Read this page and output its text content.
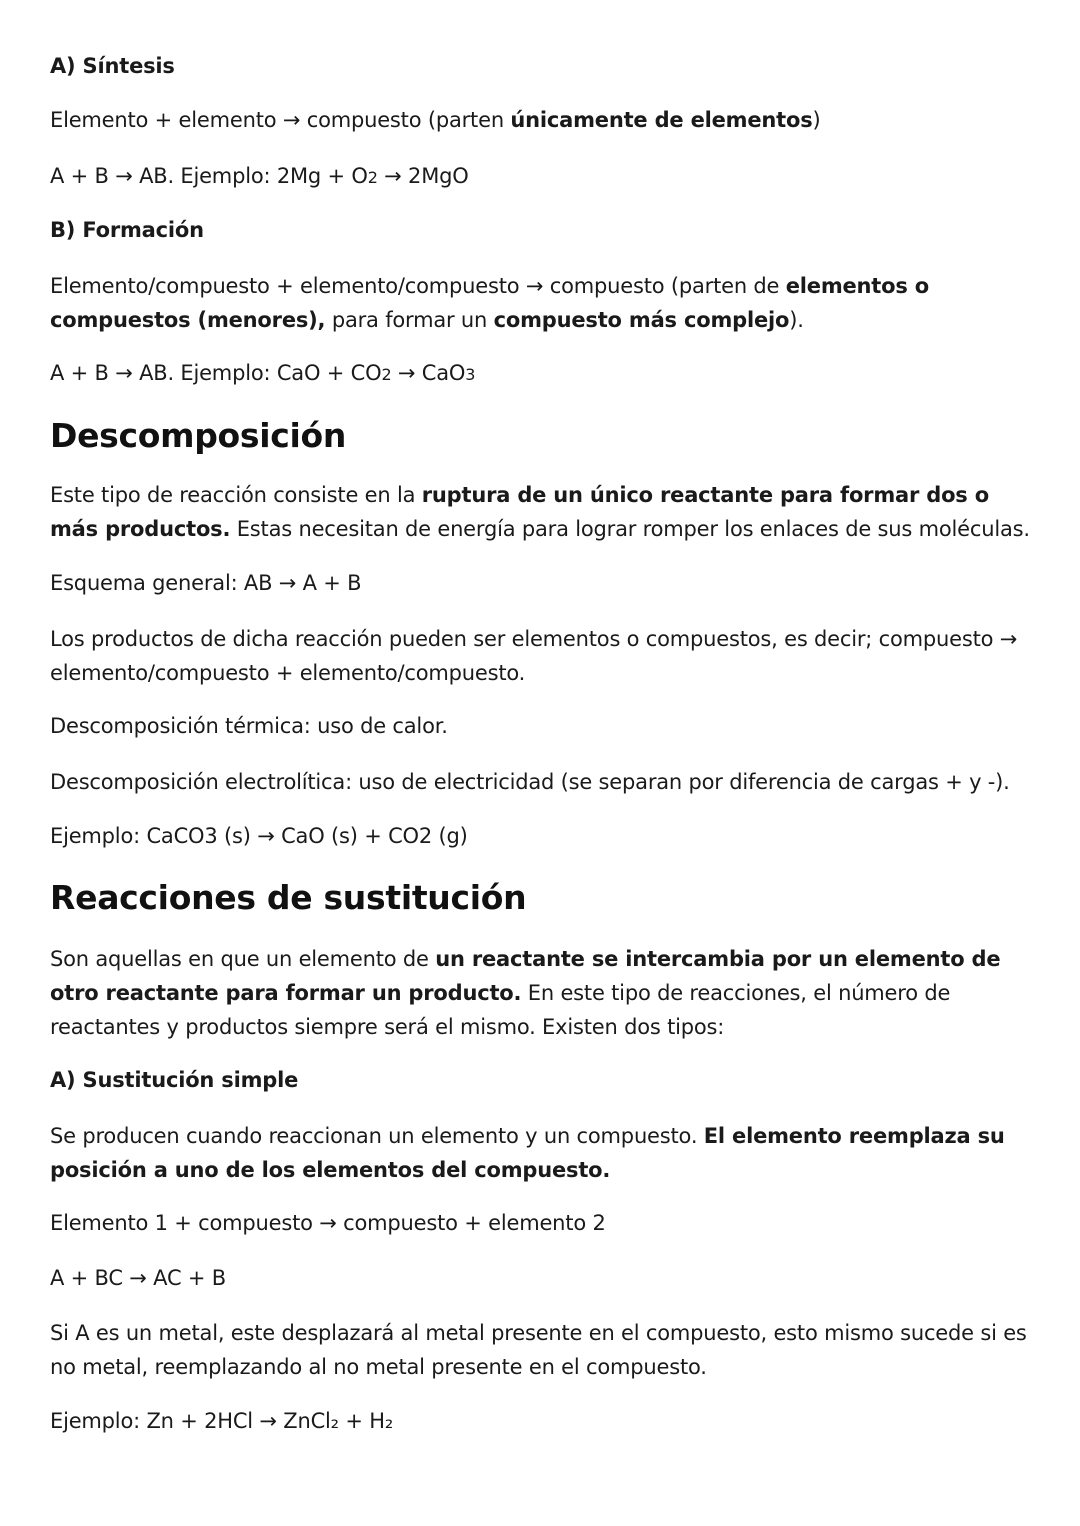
A) Síntesis

Elemento + elemento → compuesto (parten únicamente de elementos)

A + B → AB. Ejemplo: 2Mg + O2 → 2MgO

B) Formación

Elemento/compuesto + elemento/compuesto → compuesto (parten de elementos o compuestos (menores), para formar un compuesto más complejo).

A + B → AB. Ejemplo: CaO + CO2 → CaO3

Descomposición

Este tipo de reacción consiste en la ruptura de un único reactante para formar dos o más productos. Estas necesitan de energía para lograr romper los enlaces de sus moléculas.

Esquema general: AB → A + B

Los productos de dicha reacción pueden ser elementos o compuestos, es decir; compuesto → elemento/compuesto + elemento/compuesto.

Descomposición térmica: uso de calor.

Descomposición electrolítica: uso de electricidad (se separan por diferencia de cargas + y -).

Ejemplo: CaCO3 (s) → CaO (s) + CO2 (g)

Reacciones de sustitución

Son aquellas en que un elemento de un reactante se intercambia por un elemento de otro reactante para formar un producto. En este tipo de reacciones, el número de reactantes y productos siempre será el mismo. Existen dos tipos:

A) Sustitución simple

Se producen cuando reaccionan un elemento y un compuesto. El elemento reemplaza su posición a uno de los elementos del compuesto.

Elemento 1 + compuesto → compuesto + elemento 2

A + BC → AC + B

Si A es un metal, este desplazará al metal presente en el compuesto, esto mismo sucede si es no metal, reemplazando al no metal presente en el compuesto.

Ejemplo: Zn + 2HCl → ZnCl₂ + H₂
